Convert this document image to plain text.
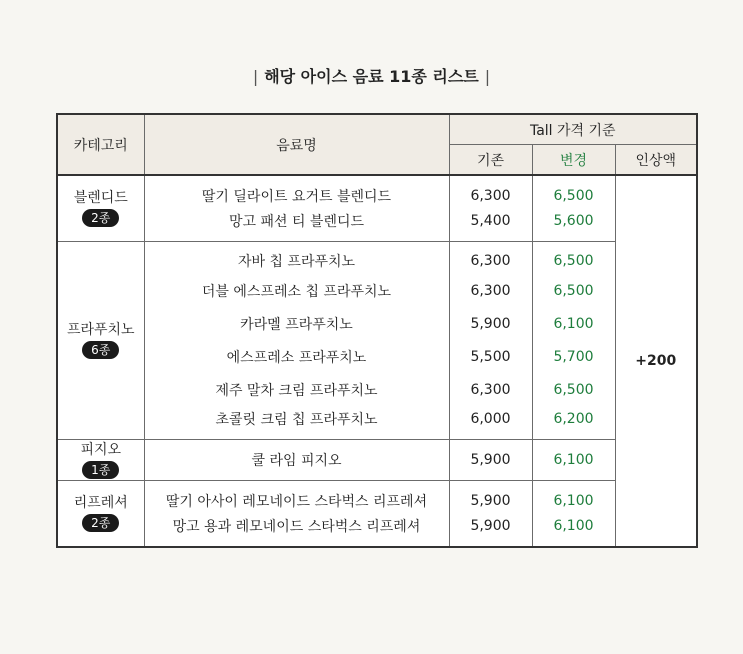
| 해당 아이스 음료 11종 리스트 |
카테고리	음료명	Tall 가격 기준		
		기존	변경	인상액

블렌디드
2종	딸기 딜라이트 요거트 블렌디드	6,300	6,500	+200
	망고 패션 티 블렌디드	5,400	5,600	

프라푸치노
6종	자바 칩 프라푸치노	6,300	6,500	
	더블 에스프레소 칩 프라푸치노	6,300	6,500	
	카라멜 프라푸치노	5,900	6,100	
	에스프레소 프라푸치노	5,500	5,700	
	제주 말차 크림 프라푸치노	6,300	6,500	
	초콜릿 크림 칩 프라푸치노	6,000	6,200	

피지오
1종	쿨 라임 피지오	5,900	6,100	

리프레셔
2종	딸기 아사이 레모네이드 스타벅스 리프레셔	5,900	6,100	
	망고 용과 레모네이드 스타벅스 리프레셔	5,900	6,100	
